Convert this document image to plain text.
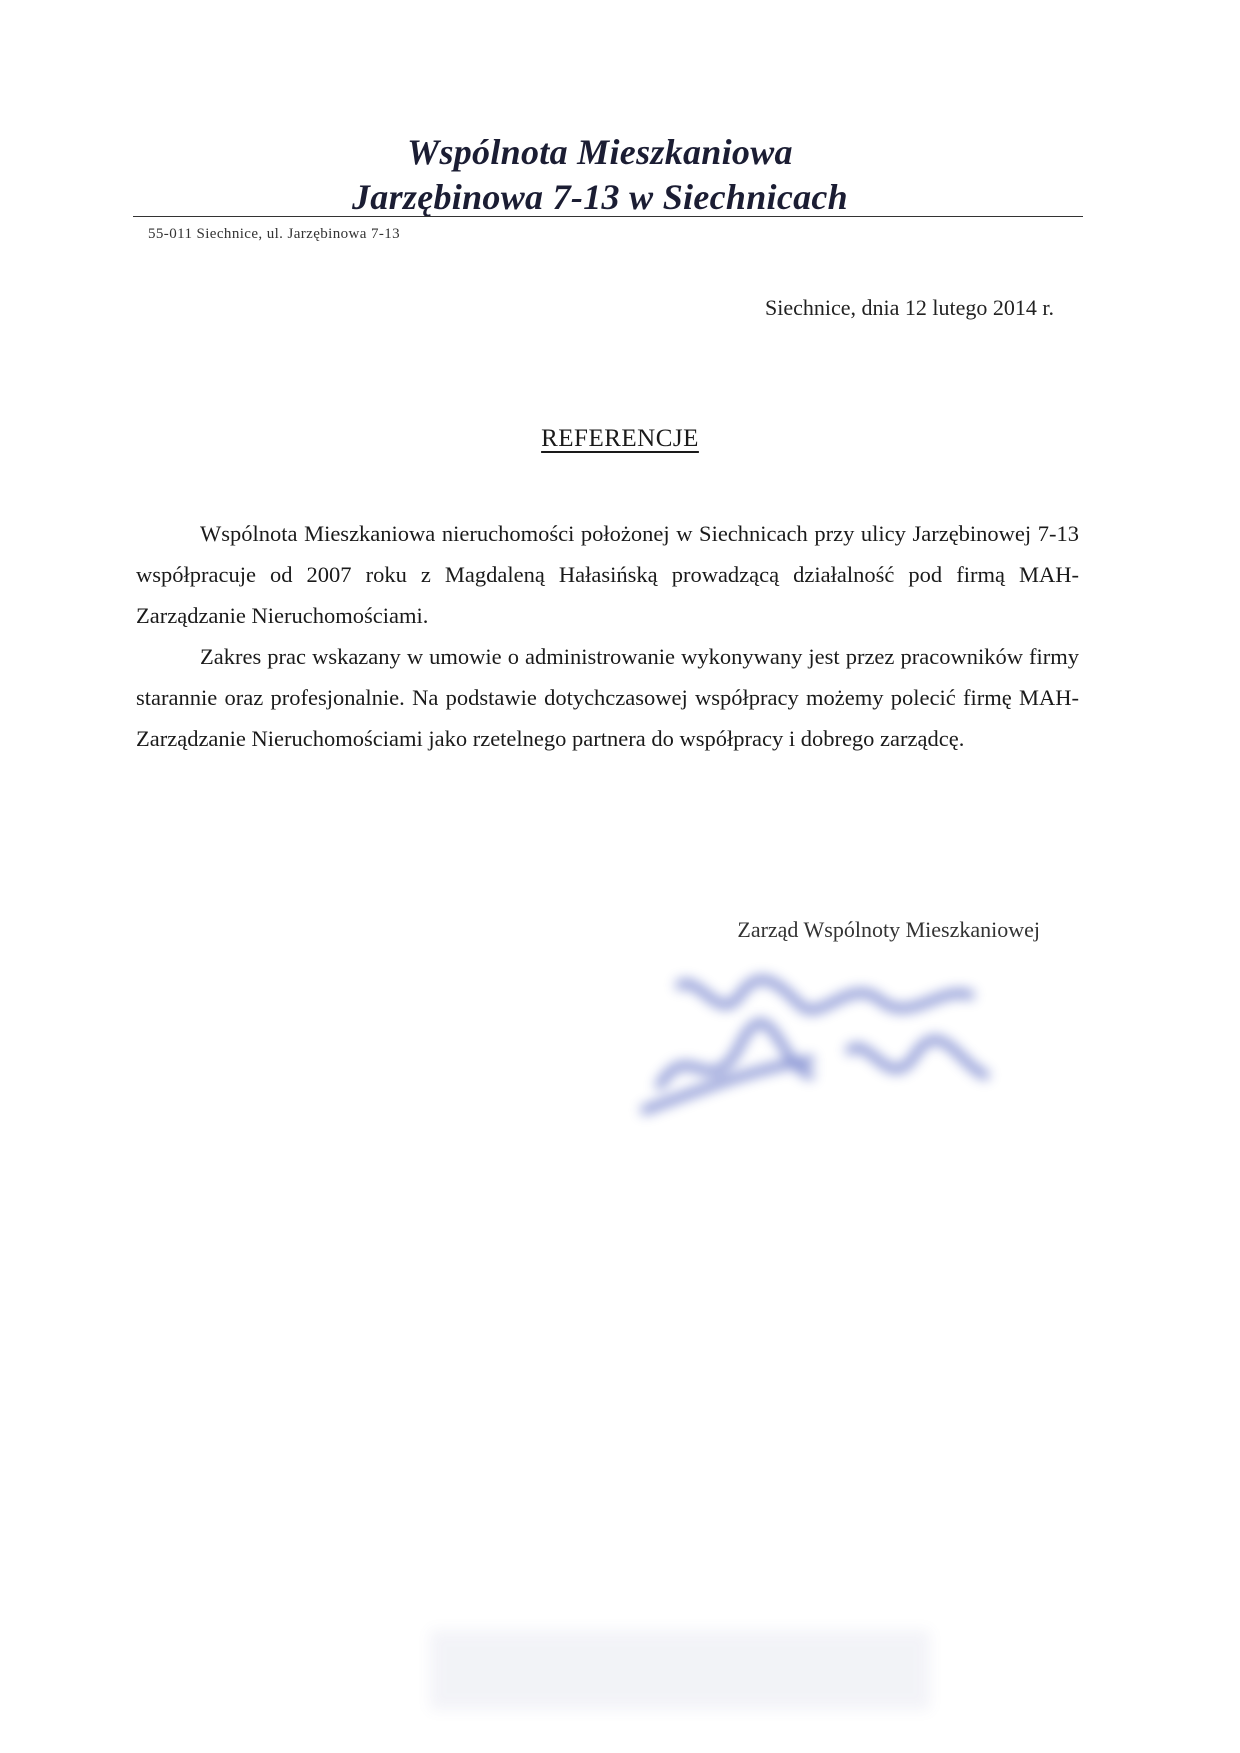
Wspólnota Mieszkaniowa
Jarzębinowa 7-13 w Siechnicach
55-011 Siechnice, ul. Jarzębinowa 7-13
Siechnice, dnia 12 lutego 2014 r.
REFERENCJE

Wspólnota Mieszkaniowa nieruchomości położonej w Siechnicach przy ulicy Jarzębinowej 7-13 współpracuje od 2007 roku z Magdaleną Hałasińską prowadzącą działalność pod firmą MAH-Zarządzanie Nieruchomościami.

Zakres prac wskazany w umowie o administrowanie wykonywany jest przez pracowników firmy starannie oraz profesjonalnie. Na podstawie dotychczasowej współpracy możemy polecić firmę MAH-Zarządzanie Nieruchomościami jako rzetelnego partnera do współpracy i dobrego zarządcę.

Zarząd Wspólnoty Mieszkaniowej
